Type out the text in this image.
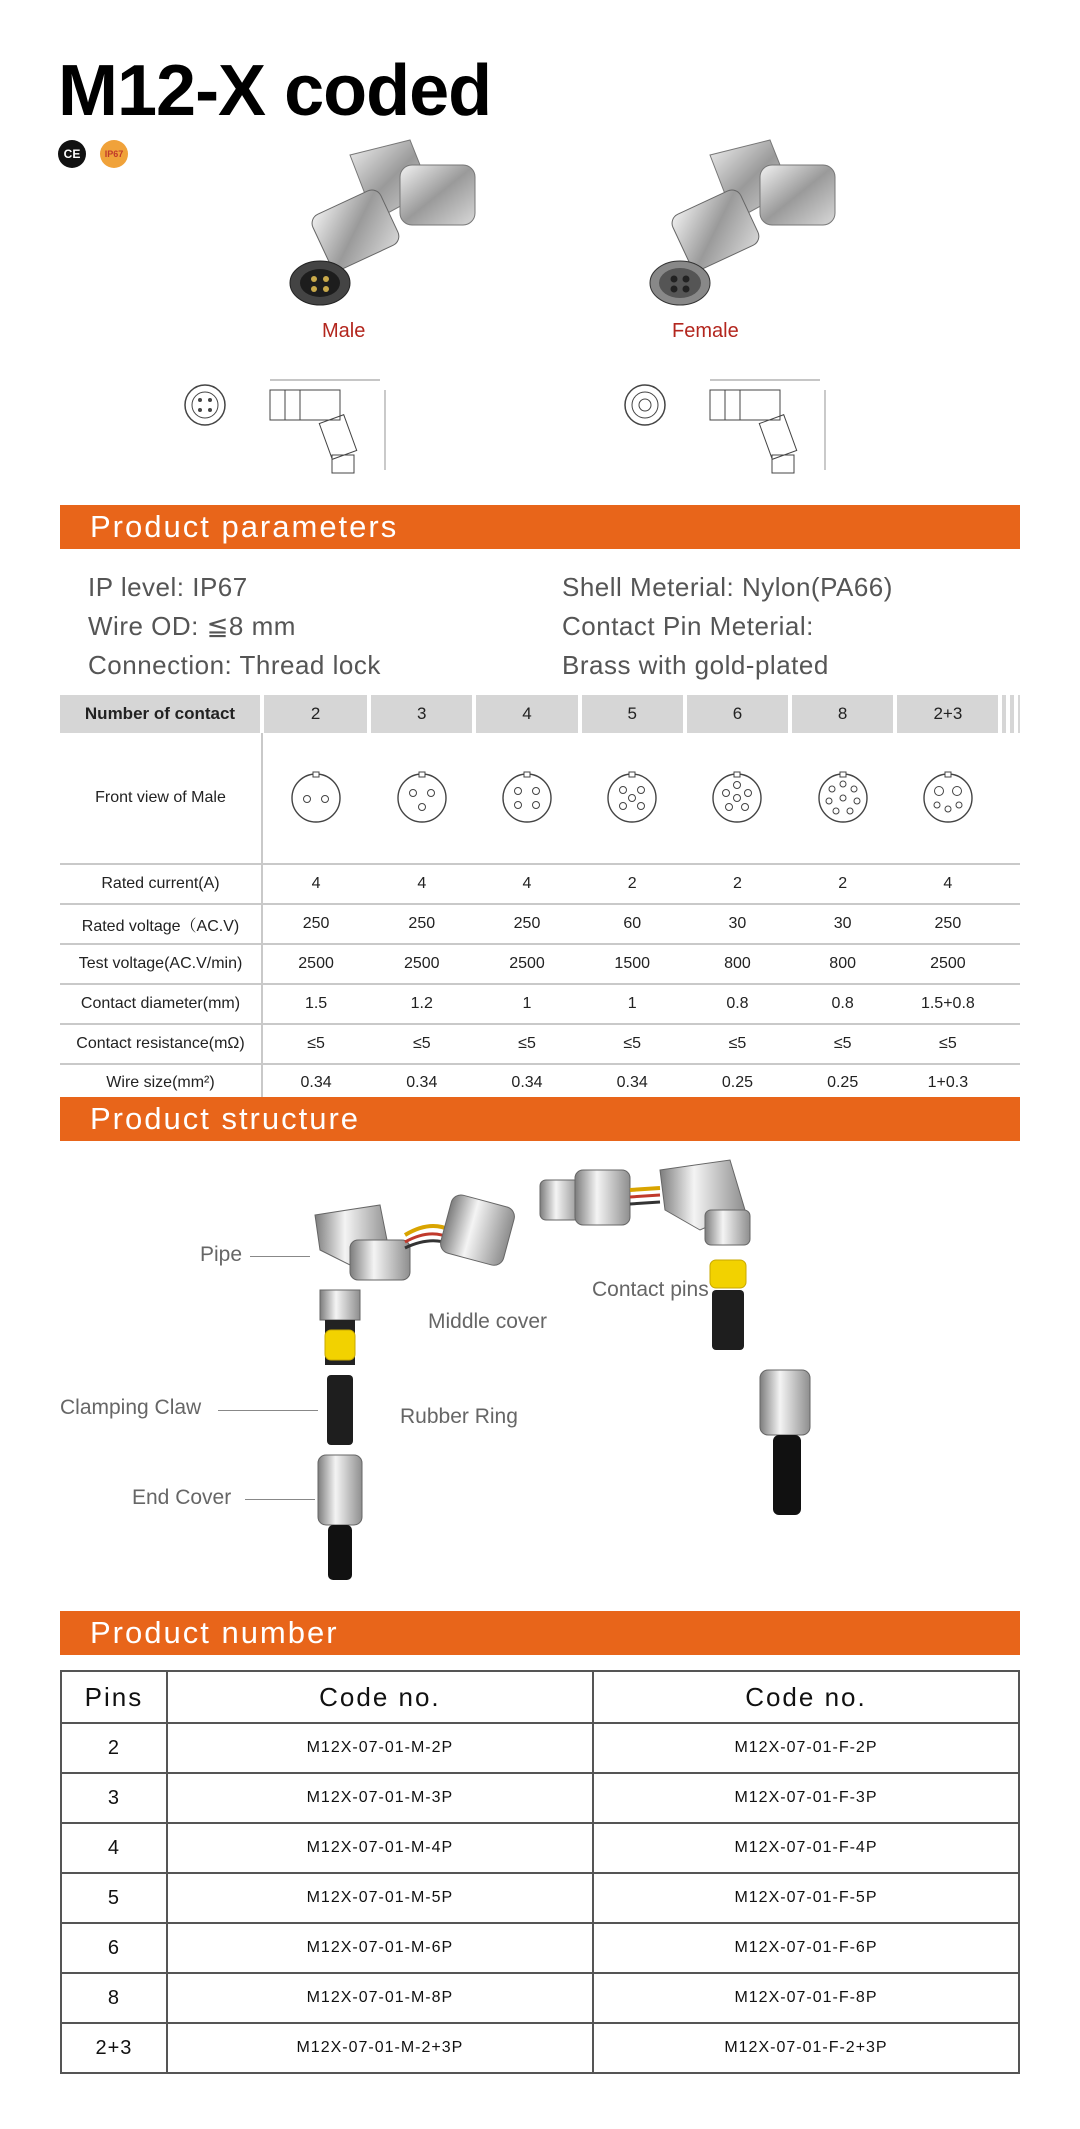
M12-X coded
CE	IP67
Male	Female
Product parameters
IP level: IP67
Wire OD: ≦8 mm
Connection: Thread lock
Shell Meterial: Nylon(PA66)
Contact Pin Meterial:
Brass with gold-plated
Number of contact	2	3	4	5	6	8	2+3			
Front view of Male	

Rated current(A)	4	4	4	2	2	2	4			
Rated voltage（AC.V)	250	250	250	60	30	30	250			
Test voltage(AC.V/min)	2500	2500	2500	1500	800	800	2500			
Contact diameter(mm)	1.5	1.2	1	1	0.8	0.8	1.5+0.8			
Contact resistance(mΩ)	≤5	≤5	≤5	≤5	≤5	≤5	≤5			
Wire size(mm²)	0.34	0.34	0.34	0.34	0.25	0.25	1+0.3			
Product structure
Pipe
Middle cover
Contact pins
Clamping Claw	Rubber Ring
End Cover
Product number
Pins	Code no.	Code no.
2	M12X-07-01-M-2P	M12X-07-01-F-2P
3	M12X-07-01-M-3P	M12X-07-01-F-3P
4	M12X-07-01-M-4P	M12X-07-01-F-4P
5	M12X-07-01-M-5P	M12X-07-01-F-5P
6	M12X-07-01-M-6P	M12X-07-01-F-6P
8	M12X-07-01-M-8P	M12X-07-01-F-8P
2+3	M12X-07-01-M-2+3P	M12X-07-01-F-2+3P
